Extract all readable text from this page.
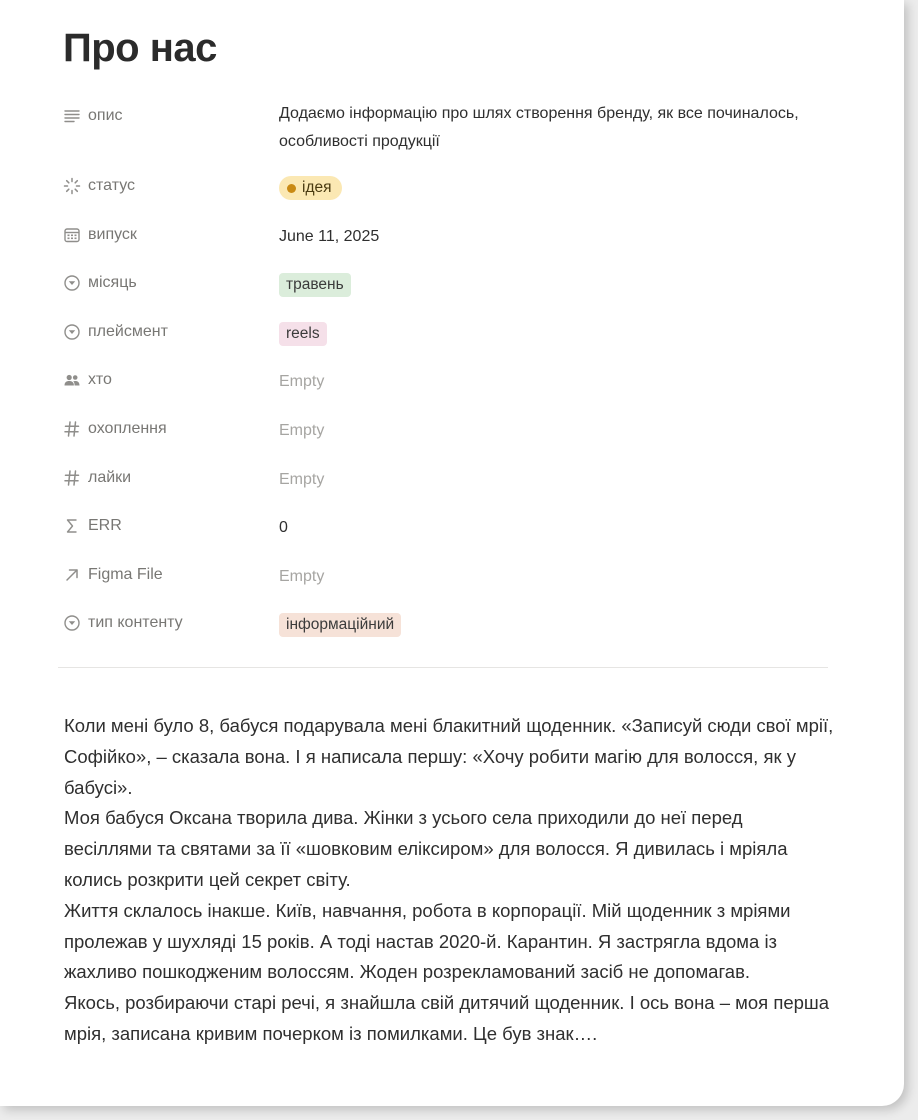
Про нас
опис	Додаємо інформацію про шлях створення бренду, як все починалось, особливості продукції
статус	ідея
випуск	June 11, 2025
місяць	травень
плейсмент	reels
хто	Empty
охоплення	Empty
лайки	Empty
ERR	0
Figma File	Empty
тип контенту	інформаційний

Коли мені було 8, бабуся подарувала мені блакитний щоденник. «Записуй сюди свої мрії, Софійко», – сказала вона. І я написала першу: «Хочу робити магію для волосся, як у бабусі».

Моя бабуся Оксана творила дива. Жінки з усього села приходили до неї перед весіллями та святами за її «шовковим еліксиром» для волосся. Я дивилась і мріяла колись розкрити цей секрет світу.

Життя склалось інакше. Київ, навчання, робота в корпорації. Мій щоденник з мріями пролежав у шухляді 15 років. А тоді настав 2020-й. Карантин. Я застрягла вдома із жахливо пошкодженим волоссям. Жоден розрекламований засіб не допомагав.

Якось, розбираючи старі речі, я знайшла свій дитячий щоденник. І ось вона – моя перша мрія, записана кривим почерком із помилками. Це був знак….
